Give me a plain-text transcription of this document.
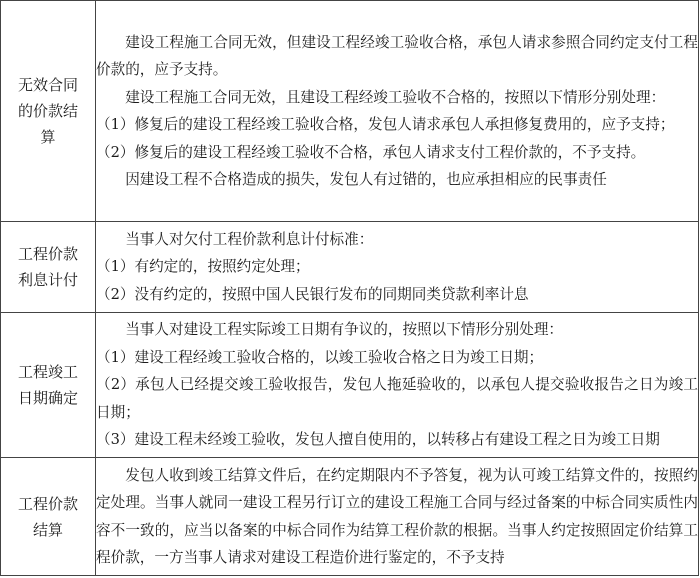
无效合同的价款结算	建设工程施工合同无效，但建设工程经竣工验收合格，承包人请求参照合同约定支付工程价款的，应予支持。

建设工程施工合同无效，且建设工程经竣工验收不合格的，按照以下情形分别处理：

（1）修复后的建设工程经竣工验收合格，发包人请求承包人承担修复费用的，应予支持；

（2）修复后的建设工程经竣工验收不合格，承包人请求支付工程价款的，不予支持。

因建设工程不合格造成的损失，发包人有过错的，也应承担相应的民事责任

工程价款利息计付	当事人对欠付工程价款利息计付标准：

（1）有约定的，按照约定处理；

（2）没有约定的，按照中国人民银行发布的同期同类贷款利率计息

工程竣工日期确定	当事人对建设工程实际竣工日期有争议的，按照以下情形分别处理：

（1）建设工程经竣工验收合格的，以竣工验收合格之日为竣工日期；

（2）承包人已经提交竣工验收报告，发包人拖延验收的，以承包人提交验收报告之日为竣工日期；

（3）建设工程未经竣工验收，发包人擅自使用的，以转移占有建设工程之日为竣工日期

工程价款结算	发包人收到竣工结算文件后，在约定期限内不予答复，视为认可竣工结算文件的，按照约定处理。当事人就同一建设工程另行订立的建设工程施工合同与经过备案的中标合同实质性内容不一致的，应当以备案的中标合同作为结算工程价款的根据。当事人约定按照固定价结算工程价款，一方当事人请求对建设工程造价进行鉴定的，不予支持
